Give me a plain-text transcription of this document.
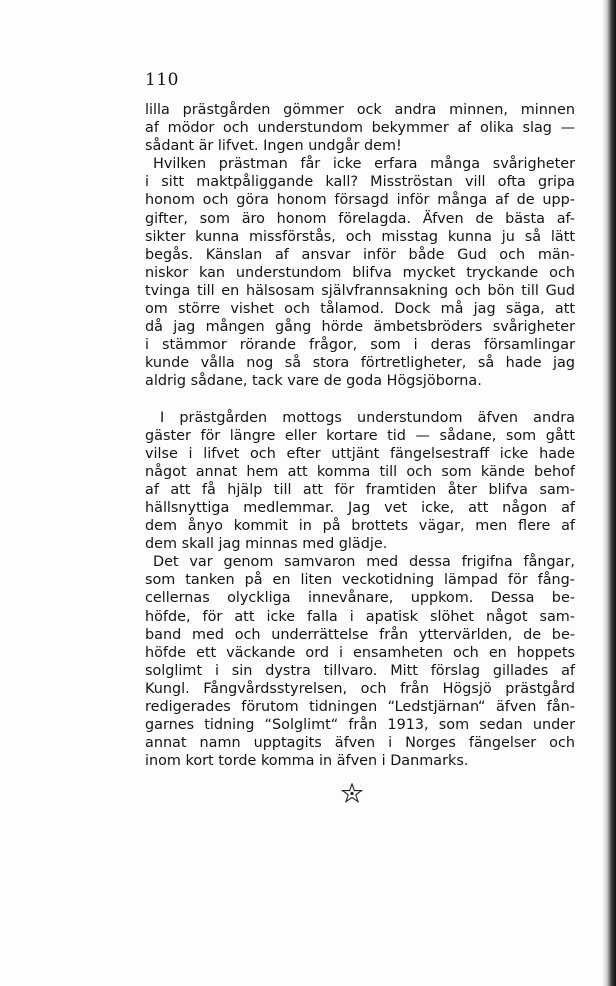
110

lilla prästgården gömmer ock andra minnen, minnen
af mödor och understundom bekymmer af olika slag —
sådant är lifvet. Ingen undgår dem!

Hvilken prästman får icke erfara många svårigheter
i sitt maktpåliggande kall? Misströstan vill ofta gripa
honom och göra honom försagd inför många af de upp-
gifter, som äro honom förelagda. Äfven de bästa af-
sikter kunna missförstås, och misstag kunna ju så lätt
begås. Känslan af ansvar inför både Gud och män-
niskor kan understundom blifva mycket tryckande och
tvinga till en hälsosam självfrannsakning och bön till Gud
om större vishet och tålamod. Dock må jag säga, att
då jag mången gång hörde ämbetsbröders svårigheter
i stämmor rörande frågor, som i deras församlingar
kunde vålla nog så stora förtretligheter, så hade jag
aldrig sådane, tack vare de goda Högsjöborna.

I prästgården mottogs understundom äfven andra
gäster för längre eller kortare tid — sådane, som gått
vilse i lifvet och efter uttjänt fängelsestraff icke hade
något annat hem att komma till och som kände behof
af att få hjälp till att för framtiden åter blifva sam-
hällsnyttiga medlemmar. Jag vet icke, att någon af
dem ånyo kommit in på brottets vägar, men flere af
dem skall jag minnas med glädje.

Det var genom samvaron med dessa frigifna fångar,
som tanken på en liten veckotidning lämpad för fång-
cellernas olyckliga innevånare, uppkom. Dessa be-
höfde, för att icke falla i apatisk slöhet något sam-
band med och underrättelse från yttervärlden, de be-
höfde ett väckande ord i ensamheten och en hoppets
solglimt i sin dystra tillvaro. Mitt förslag gillades af
Kungl. Fångvårdsstyrelsen, och från Högsjö prästgård
redigerades förutom tidningen “Ledstjärnan“ äfven fån-
garnes tidning “Solglimt“ från 1913, som sedan under
annat namn upptagits äfven i Norges fängelser och
inom kort torde komma in äfven i Danmarks.
